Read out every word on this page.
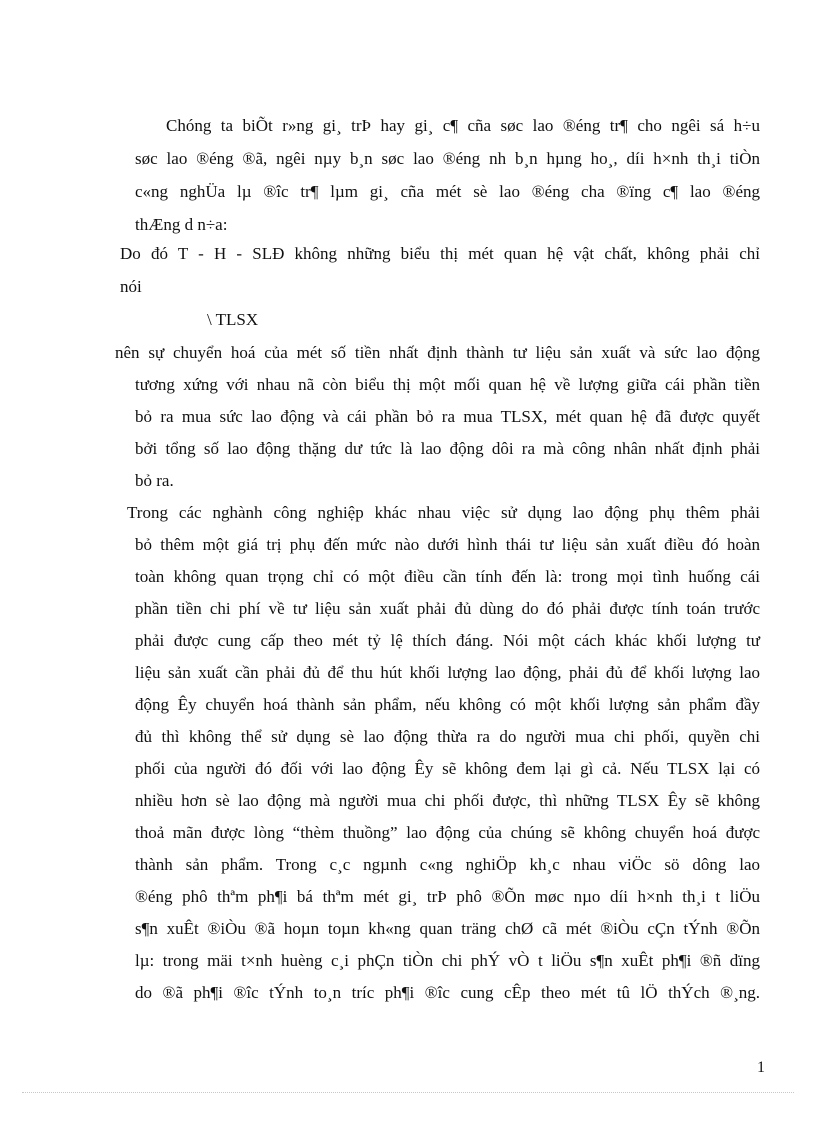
Chóng ta biÕt r»ng gi¸ trÞ hay gi¸ c¶ cña søc lao ®éng tr¶ cho ngêi sá h÷u
søc lao ®éng ®ã, ngêi nµy b¸n søc lao ®éng nh b¸n hµng ho¸, díi h×nh th¸i tiÒn
c«ng nghÜa lµ ®îc tr¶ lµm gi¸ cña mét sè lao ®éng cha ®ïng c¶ lao ®éng
thÆng d n÷a:
Do đó T - H - SLĐ không những biểu thị mét quan hệ vật chất, không phải chỉ
nói
\ TLSX
nên sự chuyển hoá của mét số tiền nhất định thành tư liệu sản xuất và sức lao động
tương xứng với nhau nã còn biểu thị một mối quan hệ về lượng giữa cái phần tiền
bỏ ra mua sức lao động và cái phần bỏ ra mua TLSX, mét quan hệ đã được quyết
bởi tổng số lao động thặng dư tức là lao động dôi ra mà công nhân nhất định phải
bỏ ra.
Trong các nghành công nghiệp khác nhau việc sử dụng lao động phụ thêm phải
bỏ thêm một giá trị phụ đến mức nào dưới hình thái tư liệu sản xuất điều đó hoàn
toàn không quan trọng chỉ có một điều cần tính đến là: trong mọi tình huống cái
phần tiền chi phí về tư liệu sản xuất phải đủ dùng do đó phải được tính toán trước
phải được cung cấp theo mét tỷ lệ thích đáng. Nói một cách khác khối lượng tư
liệu sản xuất cần phải đủ để thu hút khối lượng lao động, phải đủ để khối lượng lao
động Êy chuyển hoá thành sản phẩm, nếu không có một khối lượng sản phẩm đầy
đủ thì không thể sử dụng sè lao động thừa ra do người mua chi phối, quyền chi
phối của người đó đối với lao động Êy sẽ không đem lại gì cả. Nếu TLSX lại có
nhiều hơn sè lao động mà người mua chi phối được, thì những TLSX Êy sẽ không
thoả mãn được lòng “thèm thuồng” lao động của chúng sẽ không chuyển hoá được
thành sản phẩm. Trong c¸c ngµnh c«ng nghiÖp kh¸c nhau viÖc sö dông lao
®éng phô thªm ph¶i bá thªm mét gi¸ trÞ phô ®Õn møc nµo díi h×nh th¸i t liÖu
s¶n xuÊt ®iÒu ®ã hoµn toµn kh«ng quan träng chØ cã mét ®iÒu cÇn tÝnh ®Õn
lµ: trong mäi t×nh huèng c¸i phÇn tiÒn chi phÝ vÒ t liÖu s¶n xuÊt ph¶i ®ñ dïng
do ®ã ph¶i ®îc tÝnh to¸n tríc ph¶i ®îc cung cÊp theo mét tû lÖ thÝch ®¸ng.
1
